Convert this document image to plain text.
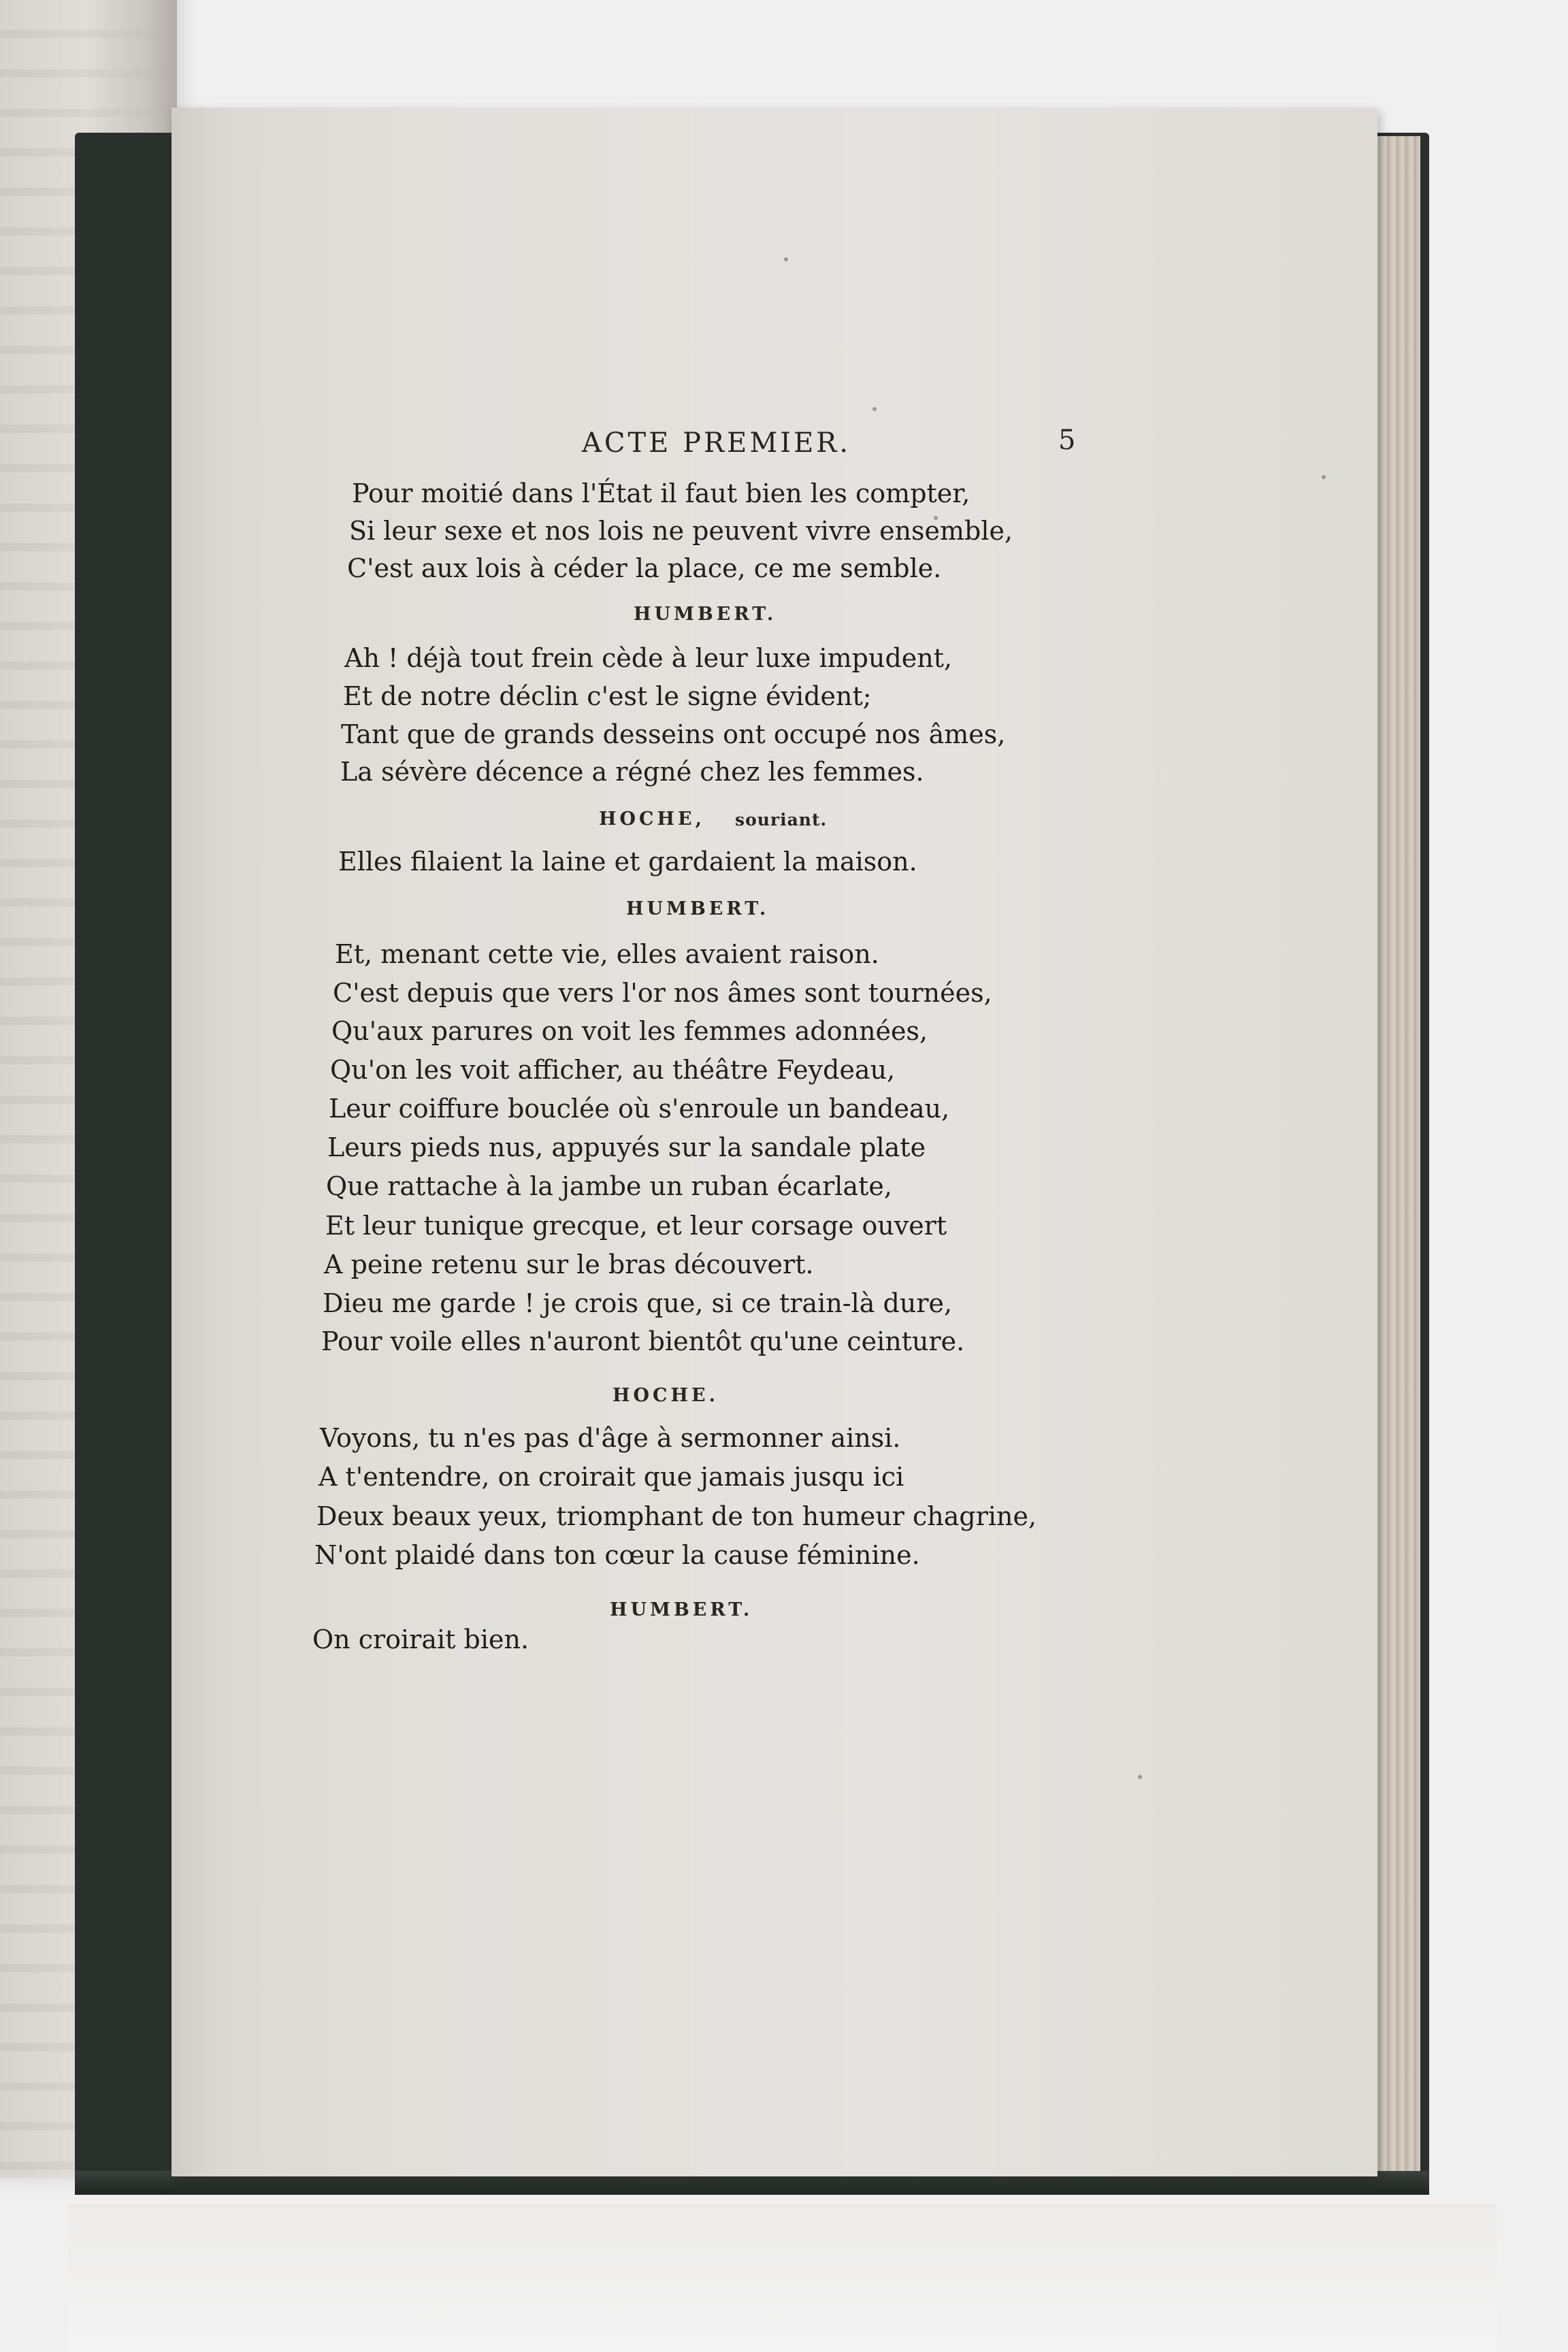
ACTE PREMIER.	5
Pour moitié dans l'État il faut bien les compter,
Si leur sexe et nos lois ne peuvent vivre ensemble,
C'est aux lois à céder la place, ce me semble.
HUMBERT.
Ah ! déjà tout frein cède à leur luxe impudent,
Et de notre déclin c'est le signe évident;
Tant que de grands desseins ont occupé nos âmes,
La sévère décence a régné chez les femmes.
HOCHE, souriant.
Elles filaient la laine et gardaient la maison.
HUMBERT.
Et, menant cette vie, elles avaient raison.
C'est depuis que vers l'or nos âmes sont tournées,
Qu'aux parures on voit les femmes adonnées,
Qu'on les voit afficher, au théâtre Feydeau,
Leur coiffure bouclée où s'enroule un bandeau,
Leurs pieds nus, appuyés sur la sandale plate
Que rattache à la jambe un ruban écarlate,
Et leur tunique grecque, et leur corsage ouvert
A peine retenu sur le bras découvert.
Dieu me garde ! je crois que, si ce train-là dure,
Pour voile elles n'auront bientôt qu'une ceinture.
HOCHE.
Voyons, tu n'es pas d'âge à sermonner ainsi.
A t'entendre, on croirait que jamais jusqu ici
Deux beaux yeux, triomphant de ton humeur chagrine,
N'ont plaidé dans ton cœur la cause féminine.
HUMBERT.
On croirait bien.
